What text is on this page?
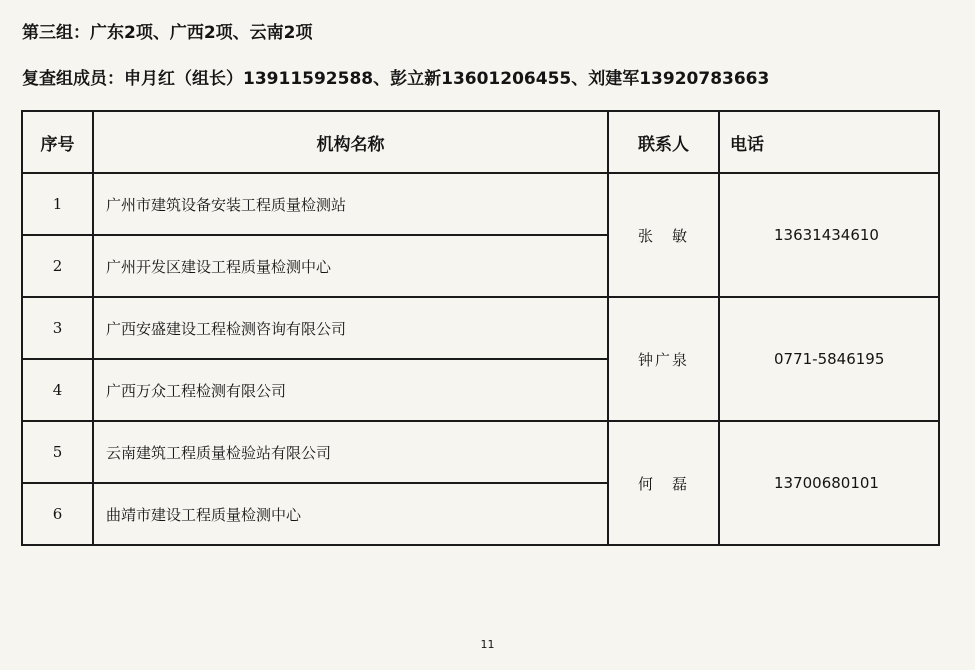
第三组：广东2项、广西2项、云南2项
复查组成员：申月红（组长）13911592588、彭立新13601206455、刘建军13920783663
序号	机构名称	联系人	电话
1	广州市建筑设备安装工程质量检测站	张　敏	13631434610
2	广州开发区建设工程质量检测中心		
3	广西安盛建设工程检测咨询有限公司	钟广泉	0771-5846195
4	广西万众工程检测有限公司		
5	云南建筑工程质量检验站有限公司	何　磊	13700680101
6	曲靖市建设工程质量检测中心		
11
